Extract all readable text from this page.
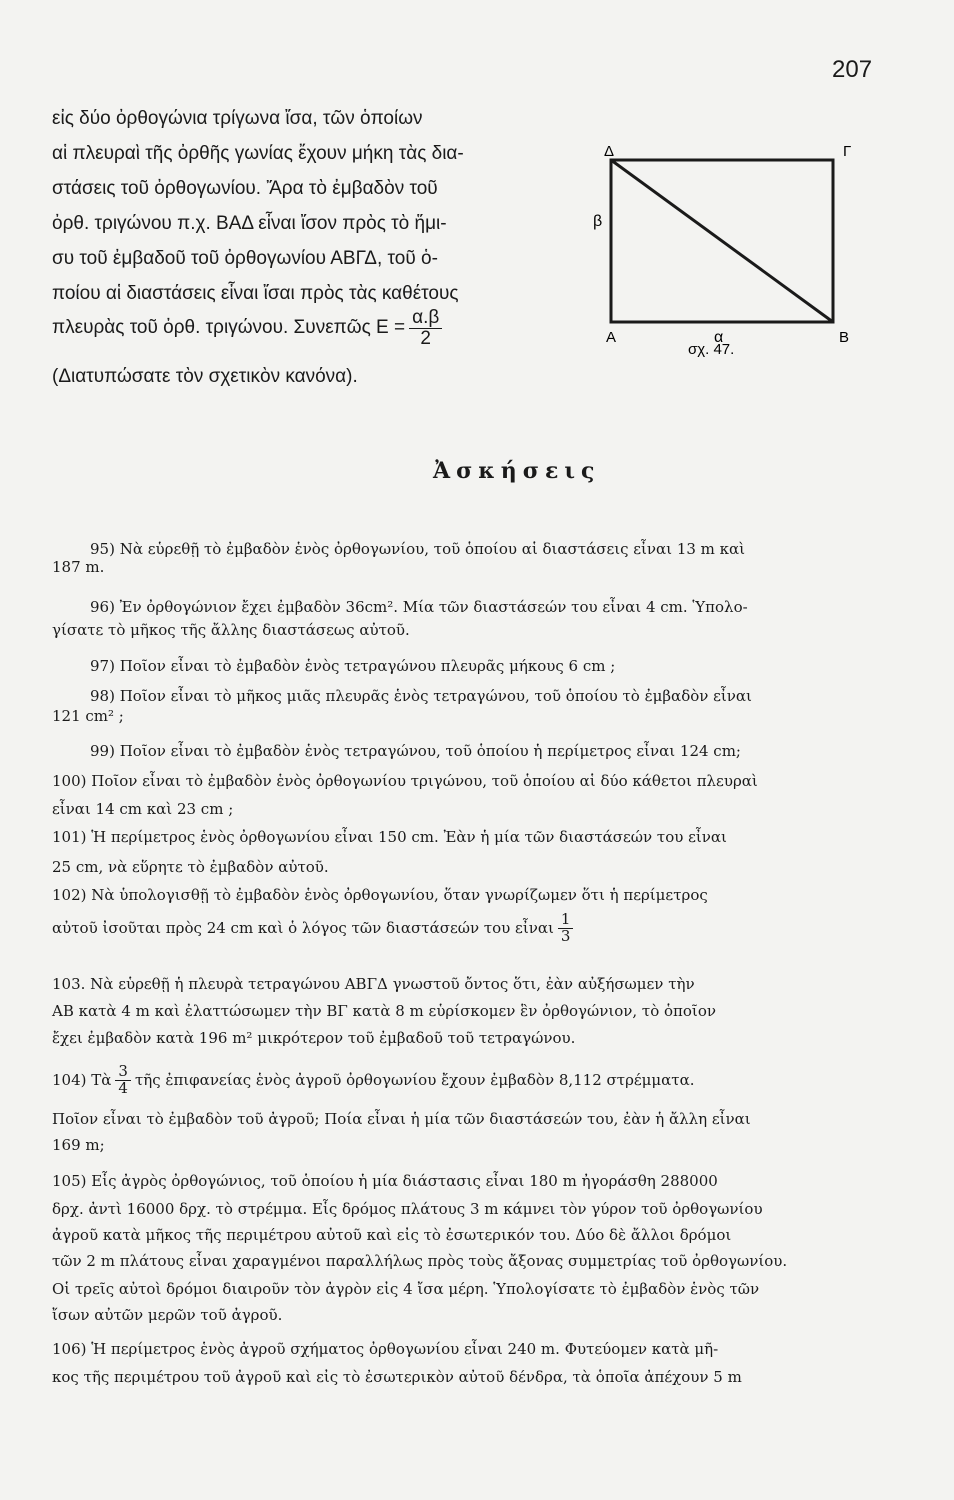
207
εἰς δύο ὀρθογώνια τρίγωνα ἴσα, τῶν ὁποίων
αἱ πλευραὶ τῆς ὀρθῆς γωνίας ἔχουν μήκη τὰς δια-
στάσεις τοῦ ὀρθογωνίου. Ἄρα τὸ ἐμβαδὸν τοῦ
ὀρθ. τριγώνου π.χ. ΒΑΔ εἶναι ἴσον πρὸς τὸ ἥμι-
συ τοῦ ἐμβαδοῦ τοῦ ὀρθογωνίου ΑΒΓΔ, τοῦ ὁ-
ποίου αἱ διαστάσεις εἶναι ἴσαι πρὸς τὰς καθέτους
πλευρὰς τοῦ ὀρθ. τριγώνου. Συνεπῶς $E = \frac{\alpha.\beta}{2}$
(Διατυπώσατε τὸν σχετικὸν κανόνα).
Δ	Γ
Α	Β
β
α
σχ. 47.
Ἀσκήσεις
95) Νὰ εὑρεθῇ τὸ ἐμβαδὸν ἑνὸς ὀρθογωνίου, τοῦ ὁποίου αἱ διαστάσεις εἶναι 13 m καὶ
187 m.
96) Ἐν ὀρθογώνιον ἔχει ἐμβαδὸν 36cm². Μία τῶν διαστάσεών του εἶναι 4 cm. Ὑπολο-
γίσατε τὸ μῆκος τῆς ἄλλης διαστάσεως αὐτοῦ.
97) Ποῖον εἶναι τὸ ἐμβαδὸν ἑνὸς τετραγώνου πλευρᾶς μήκους 6 cm ;
98) Ποῖον εἶναι τὸ μῆκος μιᾶς πλευρᾶς ἑνὸς τετραγώνου, τοῦ ὁποίου τὸ ἐμβαδὸν εἶναι
121 cm² ;
99) Ποῖον εἶναι τὸ ἐμβαδὸν ἑνὸς τετραγώνου, τοῦ ὁποίου ἡ περίμετρος εἶναι 124 cm;
100) Ποῖον εἶναι τὸ ἐμβαδὸν ἑνὸς ὀρθογωνίου τριγώνου, τοῦ ὁποίου αἱ δύο κάθετοι πλευραὶ
εἶναι 14 cm καὶ 23 cm ;
101) Ἡ περίμετρος ἑνὸς ὀρθογωνίου εἶναι 150 cm. Ἐὰν ἡ μία τῶν διαστάσεών του εἶναι
25 cm, νὰ εὕρητε τὸ ἐμβαδὸν αὐτοῦ.
102) Νὰ ὑπολογισθῇ τὸ ἐμβαδὸν ἑνὸς ὀρθογωνίου, ὅταν γνωρίζωμεν ὅτι ἡ περίμετρος
αὐτοῦ ἰσοῦται πρὸς 24 cm καὶ ὁ λόγος τῶν διαστάσεών του εἶναι $\frac{1}{3}$
103. Νὰ εὑρεθῇ ἡ πλευρὰ τετραγώνου ΑΒΓΔ γνωστοῦ ὄντος ὅτι, ἐὰν αὐξήσωμεν τὴν
ΑΒ κατὰ 4 m καὶ ἐλαττώσωμεν τὴν ΒΓ κατὰ 8 m εὑρίσκομεν ἓν ὀρθογώνιον, τὸ ὁποῖον
ἔχει ἐμβαδὸν κατὰ 196 m² μικρότερον τοῦ ἐμβαδοῦ τοῦ τετραγώνου.
104) Τὰ $\frac{3}{4}$ τῆς ἐπιφανείας ἑνὸς ἀγροῦ ὀρθογωνίου ἔχουν ἐμβαδὸν 8,112 στρέμματα.
Ποῖον εἶναι τὸ ἐμβαδὸν τοῦ ἀγροῦ; Ποία εἶναι ἡ μία τῶν διαστάσεών του, ἐὰν ἡ ἄλλη εἶναι
169 m;
105) Εἷς ἀγρὸς ὀρθογώνιος, τοῦ ὁποίου ἡ μία διάστασις εἶναι 180 m ἠγοράσθη 288000
δρχ. ἀντὶ 16000 δρχ. τὸ στρέμμα. Εἷς δρόμος πλάτους 3 m κάμνει τὸν γύρον τοῦ ὀρθογωνίου
ἀγροῦ κατὰ μῆκος τῆς περιμέτρου αὐτοῦ καὶ εἰς τὸ ἐσωτερικόν του. Δύο δὲ ἄλλοι δρόμοι
τῶν 2 m πλάτους εἶναι χαραγμένοι παραλλήλως πρὸς τοὺς ἄξονας συμμετρίας τοῦ ὀρθογωνίου.
Οἱ τρεῖς αὐτοὶ δρόμοι διαιροῦν τὸν ἀγρὸν εἰς 4 ἴσα μέρη. Ὑπολογίσατε τὸ ἐμβαδὸν ἑνὸς τῶν
ἴσων αὐτῶν μερῶν τοῦ ἀγροῦ.
106) Ἡ περίμετρος ἑνὸς ἀγροῦ σχήματος ὀρθογωνίου εἶναι 240 m. Φυτεύομεν κατὰ μῆ-
κος τῆς περιμέτρου τοῦ ἀγροῦ καὶ εἰς τὸ ἐσωτερικὸν αὐτοῦ δένδρα, τὰ ὁποῖα ἀπέχουν 5 m
